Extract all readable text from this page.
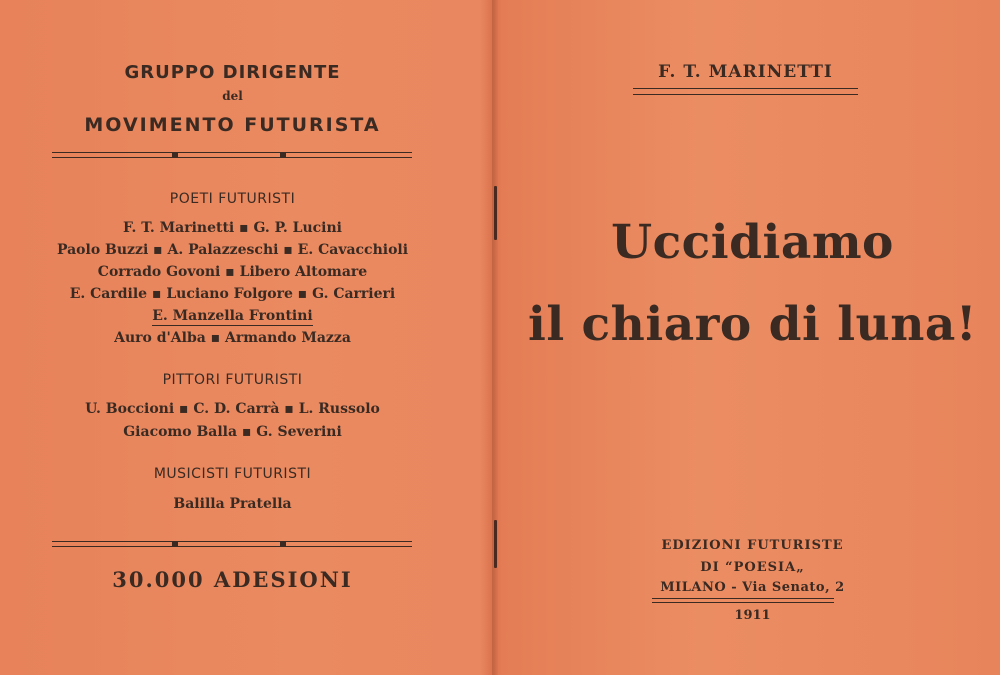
GRUPPO DIRIGENTE
del
MOVIMENTO FUTURISTA
POETI FUTURISTI
F. T. Marinetti ▪ G. P. Lucini
Paolo Buzzi ▪ A. Palazzeschi ▪ E. Cavacchioli
Corrado Govoni ▪ Libero Altomare
E. Cardile ▪ Luciano Folgore ▪ G. Carrieri
E. Manzella Frontini
Auro d'Alba ▪ Armando Mazza
PITTORI FUTURISTI
U. Boccioni ▪ C. D. Carrà ▪ L. Russolo
Giacomo Balla ▪ G. Severini
MUSICISTI FUTURISTI
Balilla Pratella
30.000 ADESIONI
F. T. MARINETTI
Uccidiamo
il chiaro di luna!
EDIZIONI FUTURISTE
DI “POESIA„
MILANO - Via Senato, 2
1911
